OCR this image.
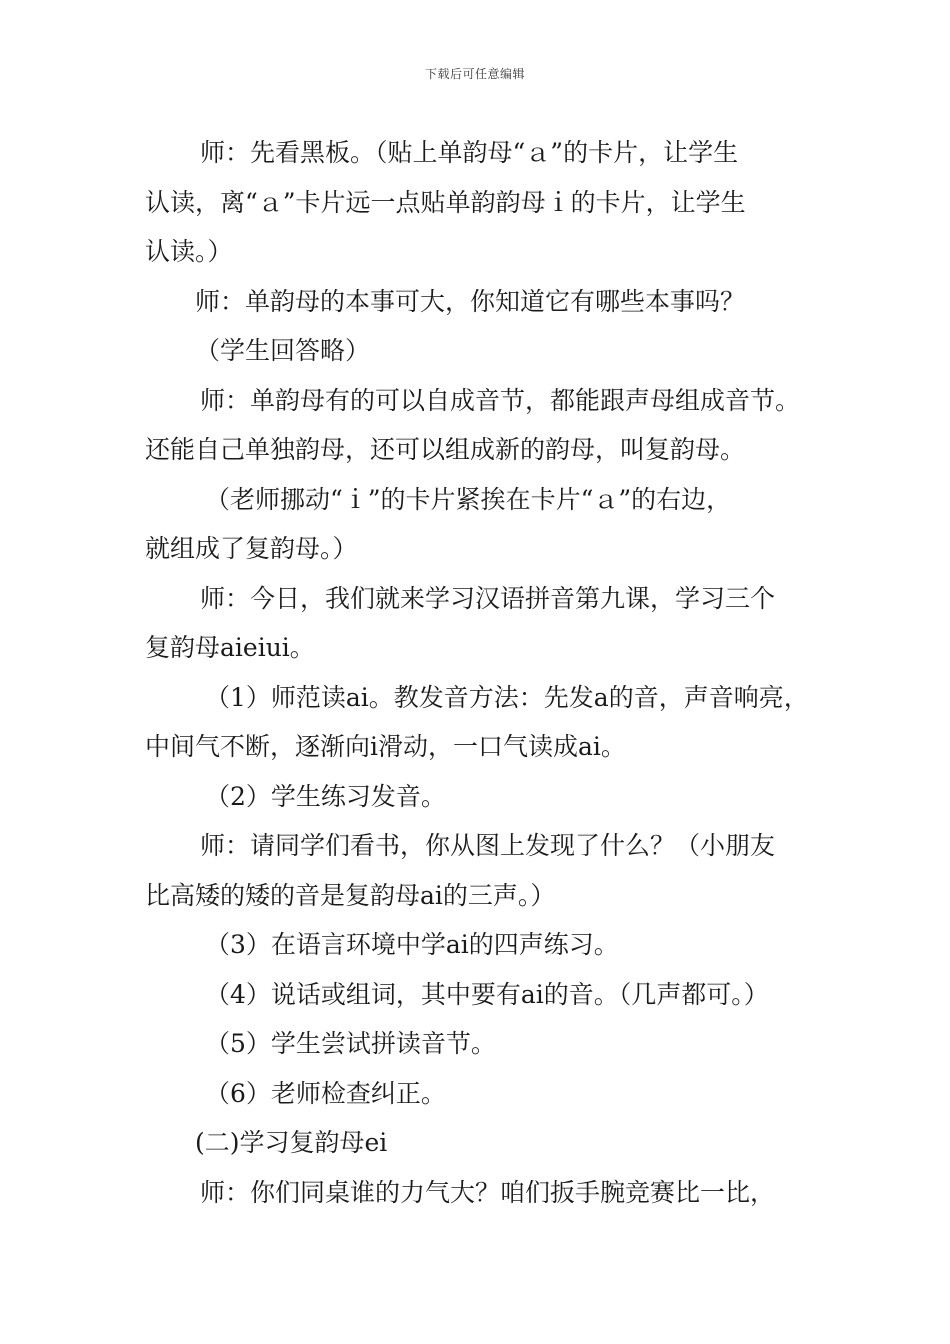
下载后可任意编辑
师：先看黑板。（贴上单韵母“ａ”的卡片，让学生
认读，离“ａ”卡片远一点贴单韵韵母ｉ的卡片，让学生
认读。）
师：单韵母的本事可大，你知道它有哪些本事吗？
（学生回答略）
师：单韵母有的可以自成音节，都能跟声母组成音节。
还能自己单独韵母，还可以组成新的韵母，叫复韵母。
（老师挪动“ｉ”的卡片紧挨在卡片“ａ”的右边，
就组成了复韵母。）
师：今日，我们就来学习汉语拼音第九课，学习三个
复韵母aieiui。
（1）师范读ai。教发音方法：先发a的音，声音响亮，
中间气不断，逐渐向i滑动，一口气读成ai。
（2）学生练习发音。
师：请同学们看书，你从图上发现了什么？（小朋友
比高矮的矮的音是复韵母ai的三声。）
（3）在语言环境中学ai的四声练习。
（4）说话或组词，其中要有ai的音。（几声都可。）
（5）学生尝试拼读音节。
（6）老师检查纠正。
(二)学习复韵母ei
师：你们同桌谁的力气大？咱们扳手腕竞赛比一比，
